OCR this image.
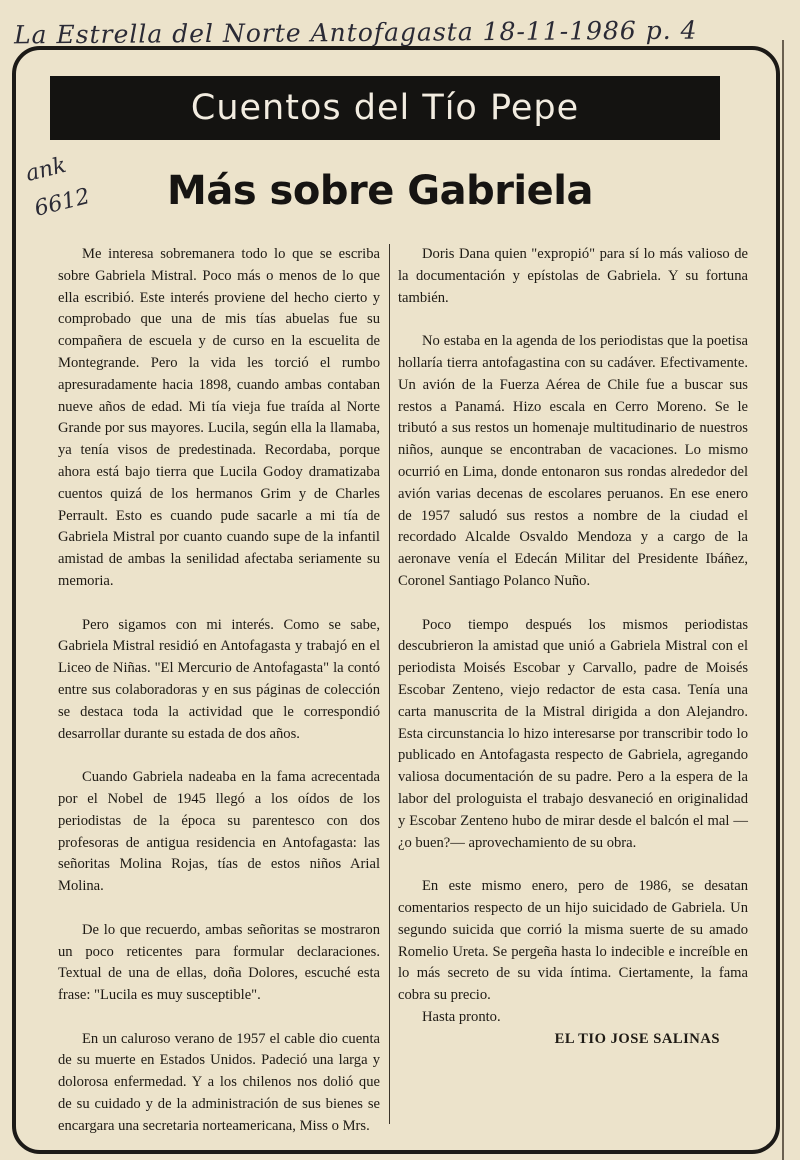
La Estrella del Norte Antofagasta 18-11-1986 p. 4
ank
6612
Cuentos del Tío Pepe
Más sobre Gabriela

Me interesa sobremanera todo lo que se escriba sobre Gabriela Mistral. Poco más o menos de lo que ella escribió. Este interés proviene del hecho cierto y comprobado que una de mis tías abuelas fue su compañera de escuela y de curso en la escuelita de Montegrande. Pero la vida les torció el rumbo apresuradamente hacia 1898, cuando ambas contaban nueve años de edad. Mi tía vieja fue traída al Norte Grande por sus mayores. Lucila, según ella la llamaba, ya tenía visos de predestinada. Recordaba, porque ahora está bajo tierra que Lucila Godoy dramatizaba cuentos quizá de los hermanos Grim y de Charles Perrault. Esto es cuando pude sacarle a mi tía de Gabriela Mistral por cuanto cuando supe de la infantil amistad de ambas la senilidad afectaba seriamente su memoria.

Pero sigamos con mi interés. Como se sabe, Gabriela Mistral residió en Antofagasta y trabajó en el Liceo de Niñas. "El Mercurio de Antofagasta" la contó entre sus colaboradoras y en sus páginas de colección se destaca toda la actividad que le correspondió desarrollar durante su estada de dos años.

Cuando Gabriela nadeaba en la fama acrecentada por el Nobel de 1945 llegó a los oídos de los periodistas de la época su parentesco con dos profesoras de antigua residencia en Antofagasta: las señoritas Molina Rojas, tías de estos niños Arial Molina.

De lo que recuerdo, ambas señoritas se mostraron un poco reticentes para formular declaraciones. Textual de una de ellas, doña Dolores, escuché esta frase: "Lucila es muy susceptible".

En un caluroso verano de 1957 el cable dio cuenta de su muerte en Estados Unidos. Padeció una larga y dolorosa enfermedad. Y a los chilenos nos dolió que de su cuidado y de la administración de sus bienes se encargara una secretaria norteamericana, Miss o Mrs.

Doris Dana quien "expropió" para sí lo más valioso de la documentación y epístolas de Gabriela. Y su fortuna también.

No estaba en la agenda de los periodistas que la poetisa hollaría tierra antofagastina con su cadáver. Efectivamente. Un avión de la Fuerza Aérea de Chile fue a buscar sus restos a Panamá. Hizo escala en Cerro Moreno. Se le tributó a sus restos un homenaje multitudinario de nuestros niños, aunque se encontraban de vacaciones. Lo mismo ocurrió en Lima, donde entonaron sus rondas alrededor del avión varias decenas de escolares peruanos. En ese enero de 1957 saludó sus restos a nombre de la ciudad el recordado Alcalde Osvaldo Mendoza y a cargo de la aeronave venía el Edecán Militar del Presidente Ibáñez, Coronel Santiago Polanco Nuño.

Poco tiempo después los mismos periodistas descubrieron la amistad que unió a Gabriela Mistral con el periodista Moisés Escobar y Carvallo, padre de Moisés Escobar Zenteno, viejo redactor de esta casa. Tenía una carta manuscrita de la Mistral dirigida a don Alejandro. Esta circunstancia lo hizo interesarse por transcribir todo lo publicado en Antofagasta respecto de Gabriela, agregando valiosa documentación de su padre. Pero a la espera de la labor del prologuista el trabajo desvaneció en originalidad y Escobar Zenteno hubo de mirar desde el balcón el mal —¿o buen?— aprovechamiento de su obra.

En este mismo enero, pero de 1986, se desatan comentarios respecto de un hijo suicidado de Gabriela. Un segundo suicida que corrió la misma suerte de su amado Romelio Ureta. Se pergeña hasta lo indecible e increíble en lo más secreto de su vida íntima. Ciertamente, la fama cobra su precio.

Hasta pronto.
EL TIO JOSE SALINAS
